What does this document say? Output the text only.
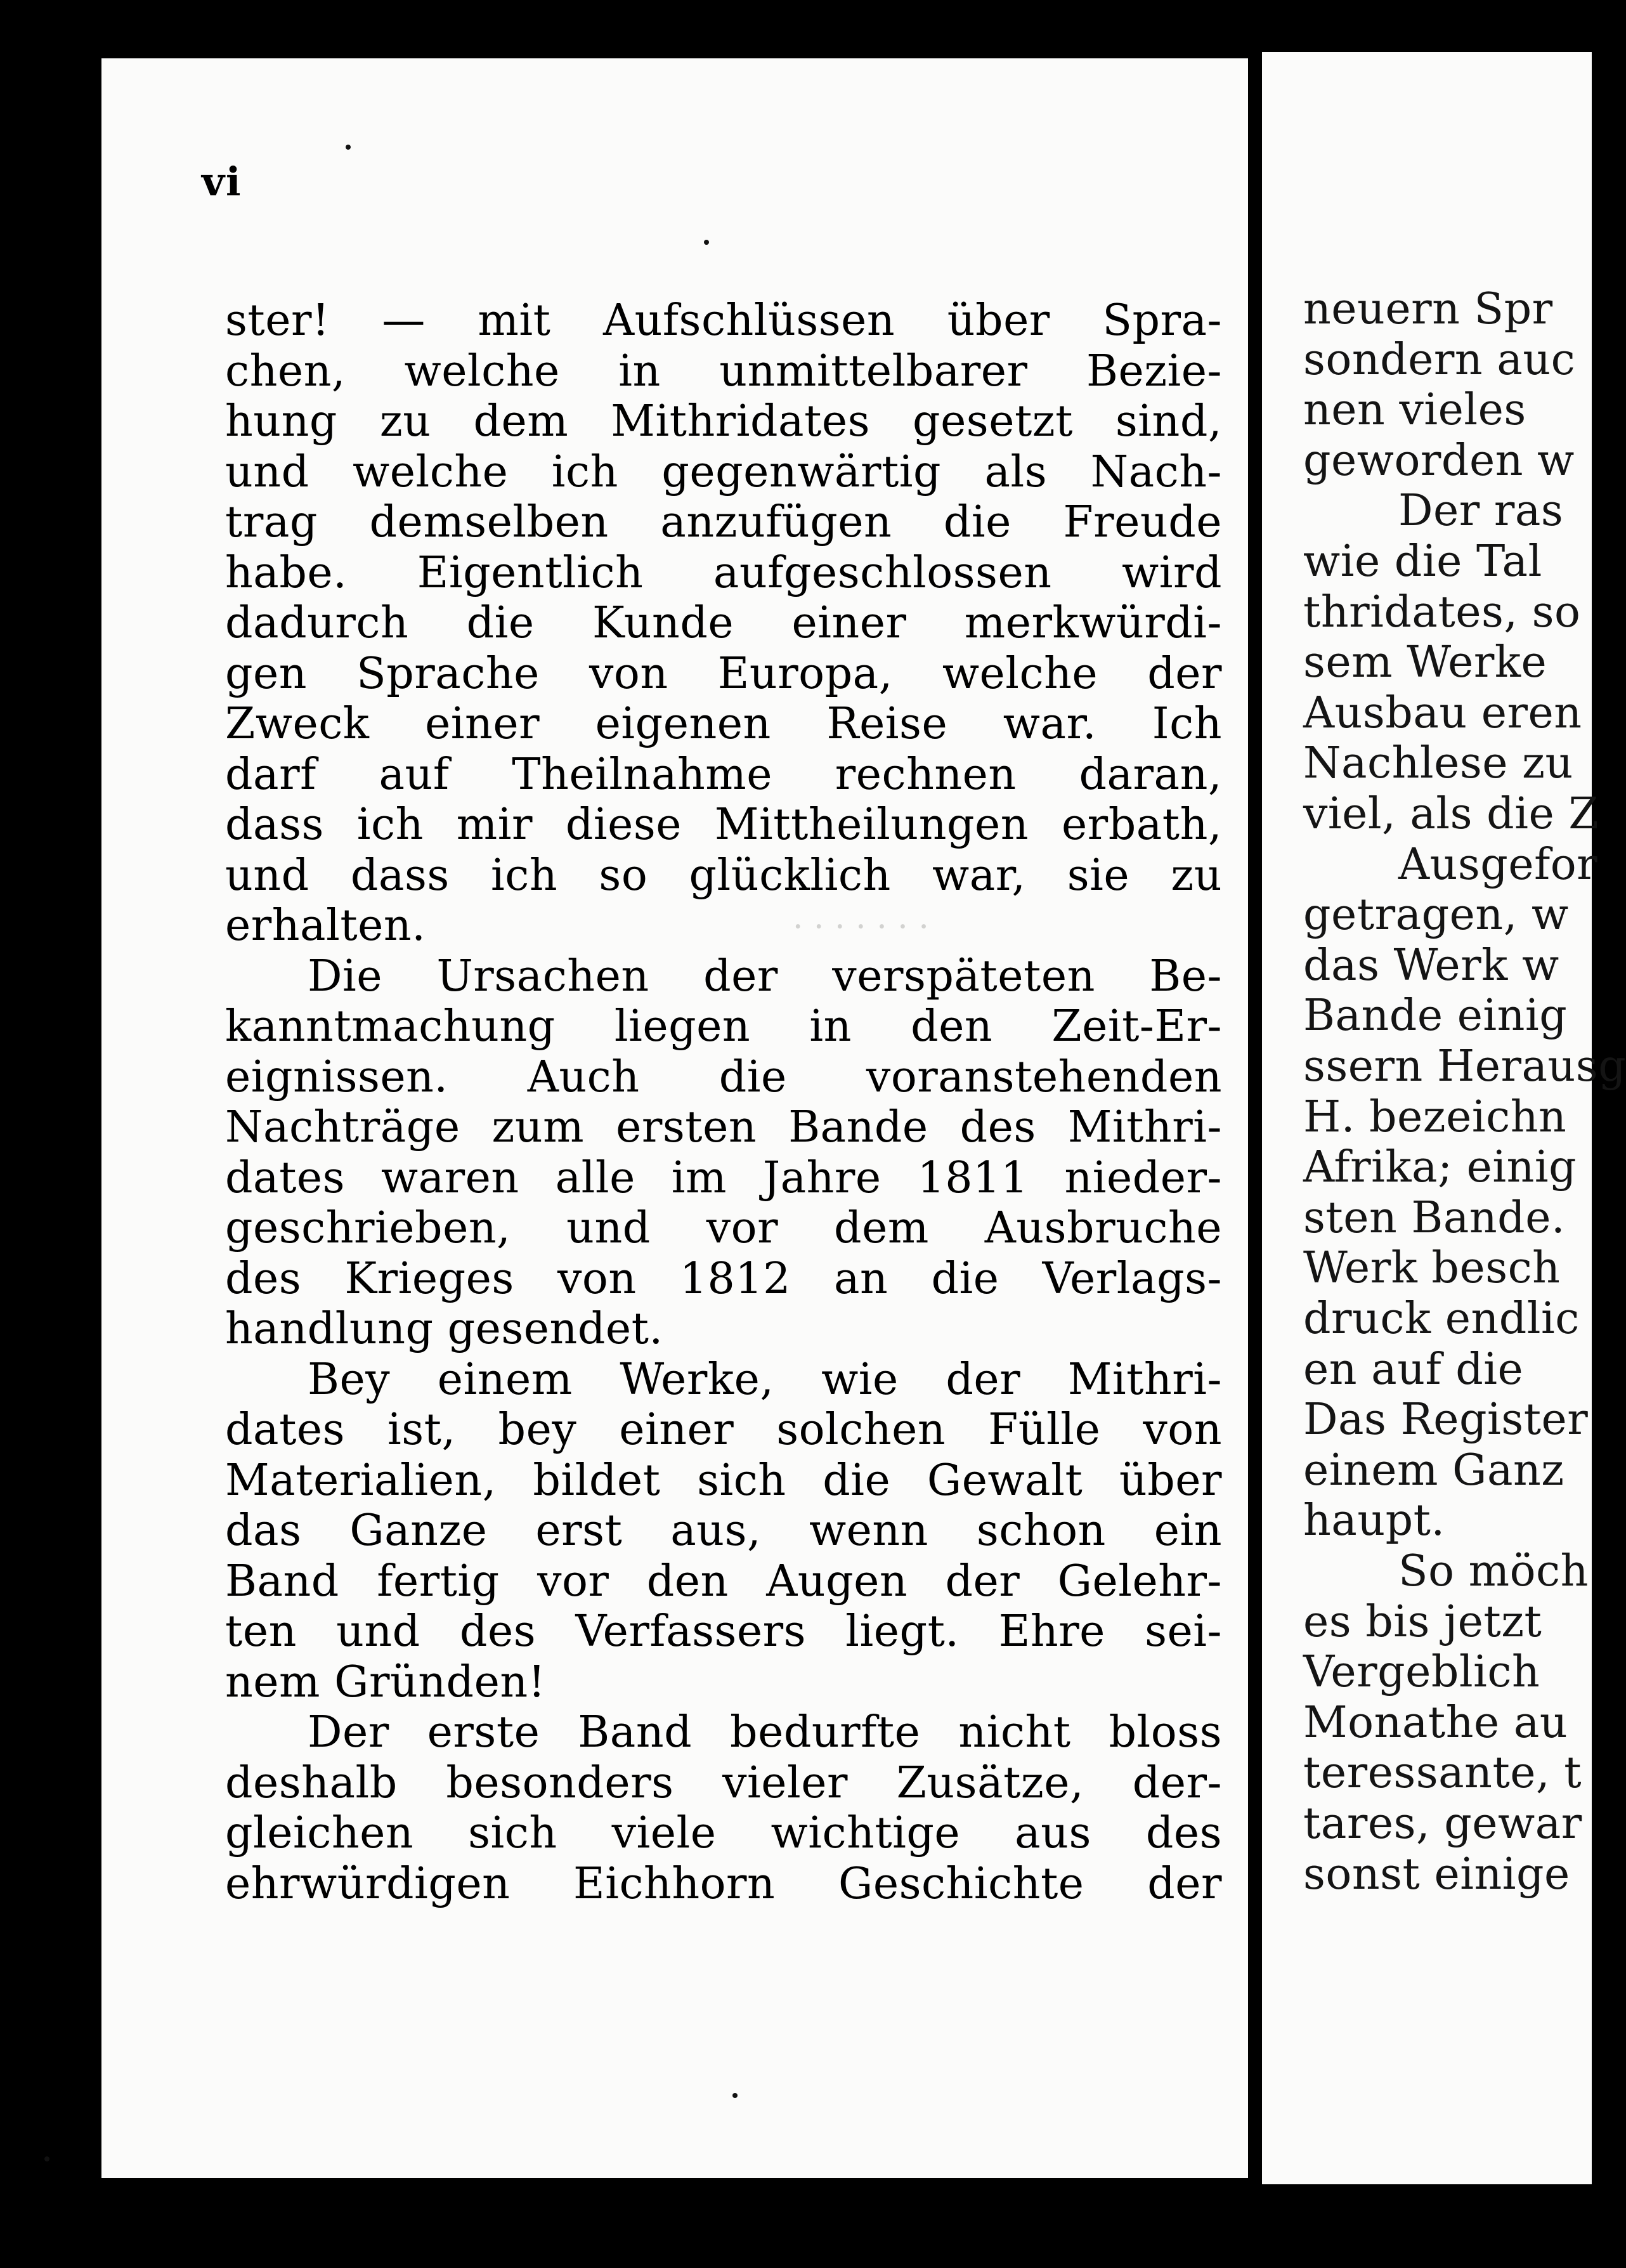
· · · · · · ·
vi
ster! — mit Aufschlüssen über Spra-
chen, welche in unmittelbarer Bezie-
hung zu dem Mithridates gesetzt sind,
und welche ich gegenwärtig als Nach-
trag demselben anzufügen die Freude
habe. Eigentlich aufgeschlossen wird
dadurch die Kunde einer merkwürdi-
gen Sprache von Europa, welche der
Zweck einer eigenen Reise war. Ich
darf auf Theilnahme rechnen daran,
dass ich mir diese Mittheilungen erbath,
und dass ich so glücklich war, sie zu
erhalten.
Die Ursachen der verspäteten Be-
kanntmachung liegen in den Zeit-Er-
eignissen. Auch die voranstehenden
Nachträge zum ersten Bande des Mithri-
dates waren alle im Jahre 1811 nieder-
geschrieben, und vor dem Ausbruche
des Krieges von 1812 an die Verlags-
handlung gesendet.
Bey einem Werke, wie der Mithri-
dates ist, bey einer solchen Fülle von
Materialien, bildet sich die Gewalt über
das Ganze erst aus, wenn schon ein
Band fertig vor den Augen der Gelehr-
ten und des Verfassers liegt. Ehre sei-
nem Gründen!
Der erste Band bedurfte nicht bloss
deshalb besonders vieler Zusätze, der-
gleichen sich viele wichtige aus des
ehrwürdigen Eichhorn Geschichte der
neuern Spr
sondern auc
nen vieles
geworden w
Der ras
wie die Tal
thridates, so
sem Werke
Ausbau eren
Nachlese zu
viel, als die Z
Ausgefor
getragen, w
das Werk w
Bande einig
ssern Herausg
H. bezeichn
Afrika; einig
sten Bande.
Werk besch
druck endlic
en auf die
Das Register
einem Ganz
haupt.
So möch
es bis jetzt
Vergeblich
Monathe au
teressante, t
tares, gewar
sonst einige
